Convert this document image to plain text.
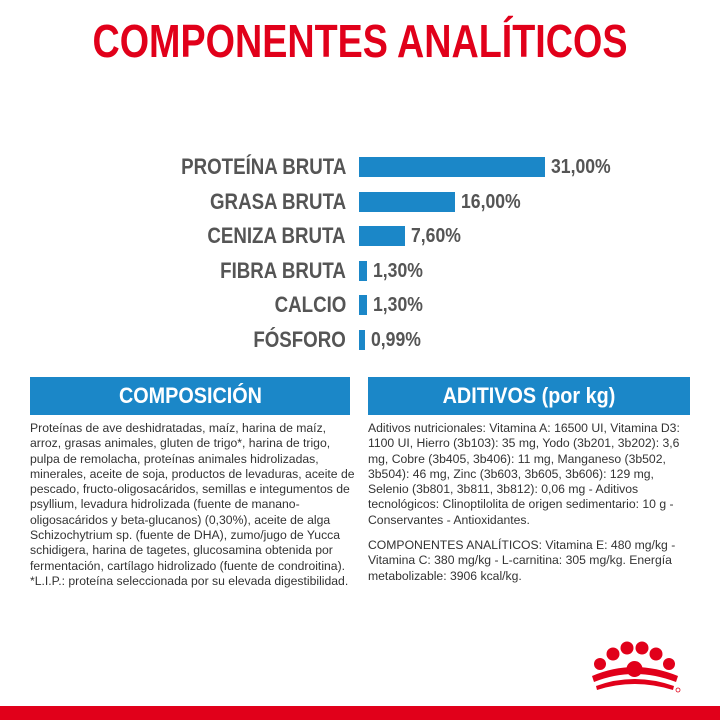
COMPONENTES ANALÍTICOS
PROTEÍNA BRUTA	31,00%
GRASA BRUTA	16,00%
CENIZA BRUTA	7,60%
FIBRA BRUTA 1,30%
CALCIO 1,30%
FÓSFORO 0,99%
COMPOSICIÓN	ADITIVOS (por kg)
Proteínas de ave deshidratadas, maíz, harina de maíz, arroz, grasas animales, gluten de trigo*, harina de trigo, pulpa de remolacha, proteínas animales hidrolizadas, minerales, aceite de soja, productos de levaduras, aceite de pescado, fructo-oligosacáridos, semillas e integumentos de psyllium, levadura hidrolizada (fuente de manano-oligosacáridos y beta-glucanos) (0,30%), aceite de alga Schizochytrium sp. (fuente de DHA), zumo/jugo de Yucca schidigera, harina de tagetes, glucosamina obtenida por fermentación, cartílago hidrolizado (fuente de condroitina). *L.I.P.: proteína seleccionada por su elevada digestibilidad.
Aditivos nutricionales: Vitamina A: 16500 UI, Vitamina D3: 1100 UI, Hierro (3b103): 35 mg, Yodo (3b201, 3b202): 3,6 mg, Cobre (3b405, 3b406): 11 mg, Manganeso (3b502, 3b504): 46 mg, Zinc (3b603, 3b605, 3b606): 129 mg, Selenio (3b801, 3b811, 3b812): 0,06 mg - Aditivos tecnológicos: Clinoptilolita de origen sedimentario: 10 g - Conservantes - Antioxidantes.
COMPONENTES ANALÍTICOS: Vitamina E: 480 mg/kg - Vitamina C: 380 mg/kg - L-carnitina: 305 mg/kg. Energía metabolizable: 3906 kcal/kg.
